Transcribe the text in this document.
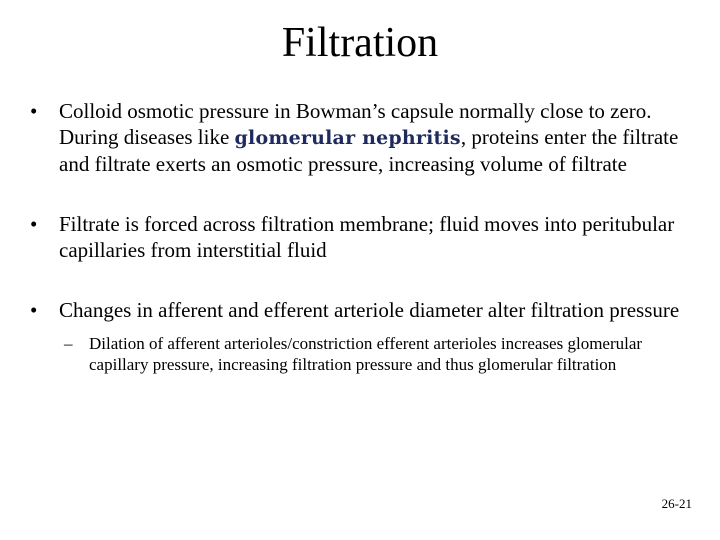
Filtration
• Colloid osmotic pressure in Bowman’s capsule normally close to zero. During diseases like glomerular nephritis, proteins enter the filtrate and filtrate exerts an osmotic pressure, increasing volume of filtrate
• Filtrate is forced across filtration membrane; fluid moves into peritubular capillaries from interstitial fluid
• Changes in afferent and efferent arteriole diameter alter filtration pressure
– Dilation of afferent arterioles/constriction efferent arterioles increases glomerular capillary pressure, increasing filtration pressure and thus glomerular filtration
26-21
